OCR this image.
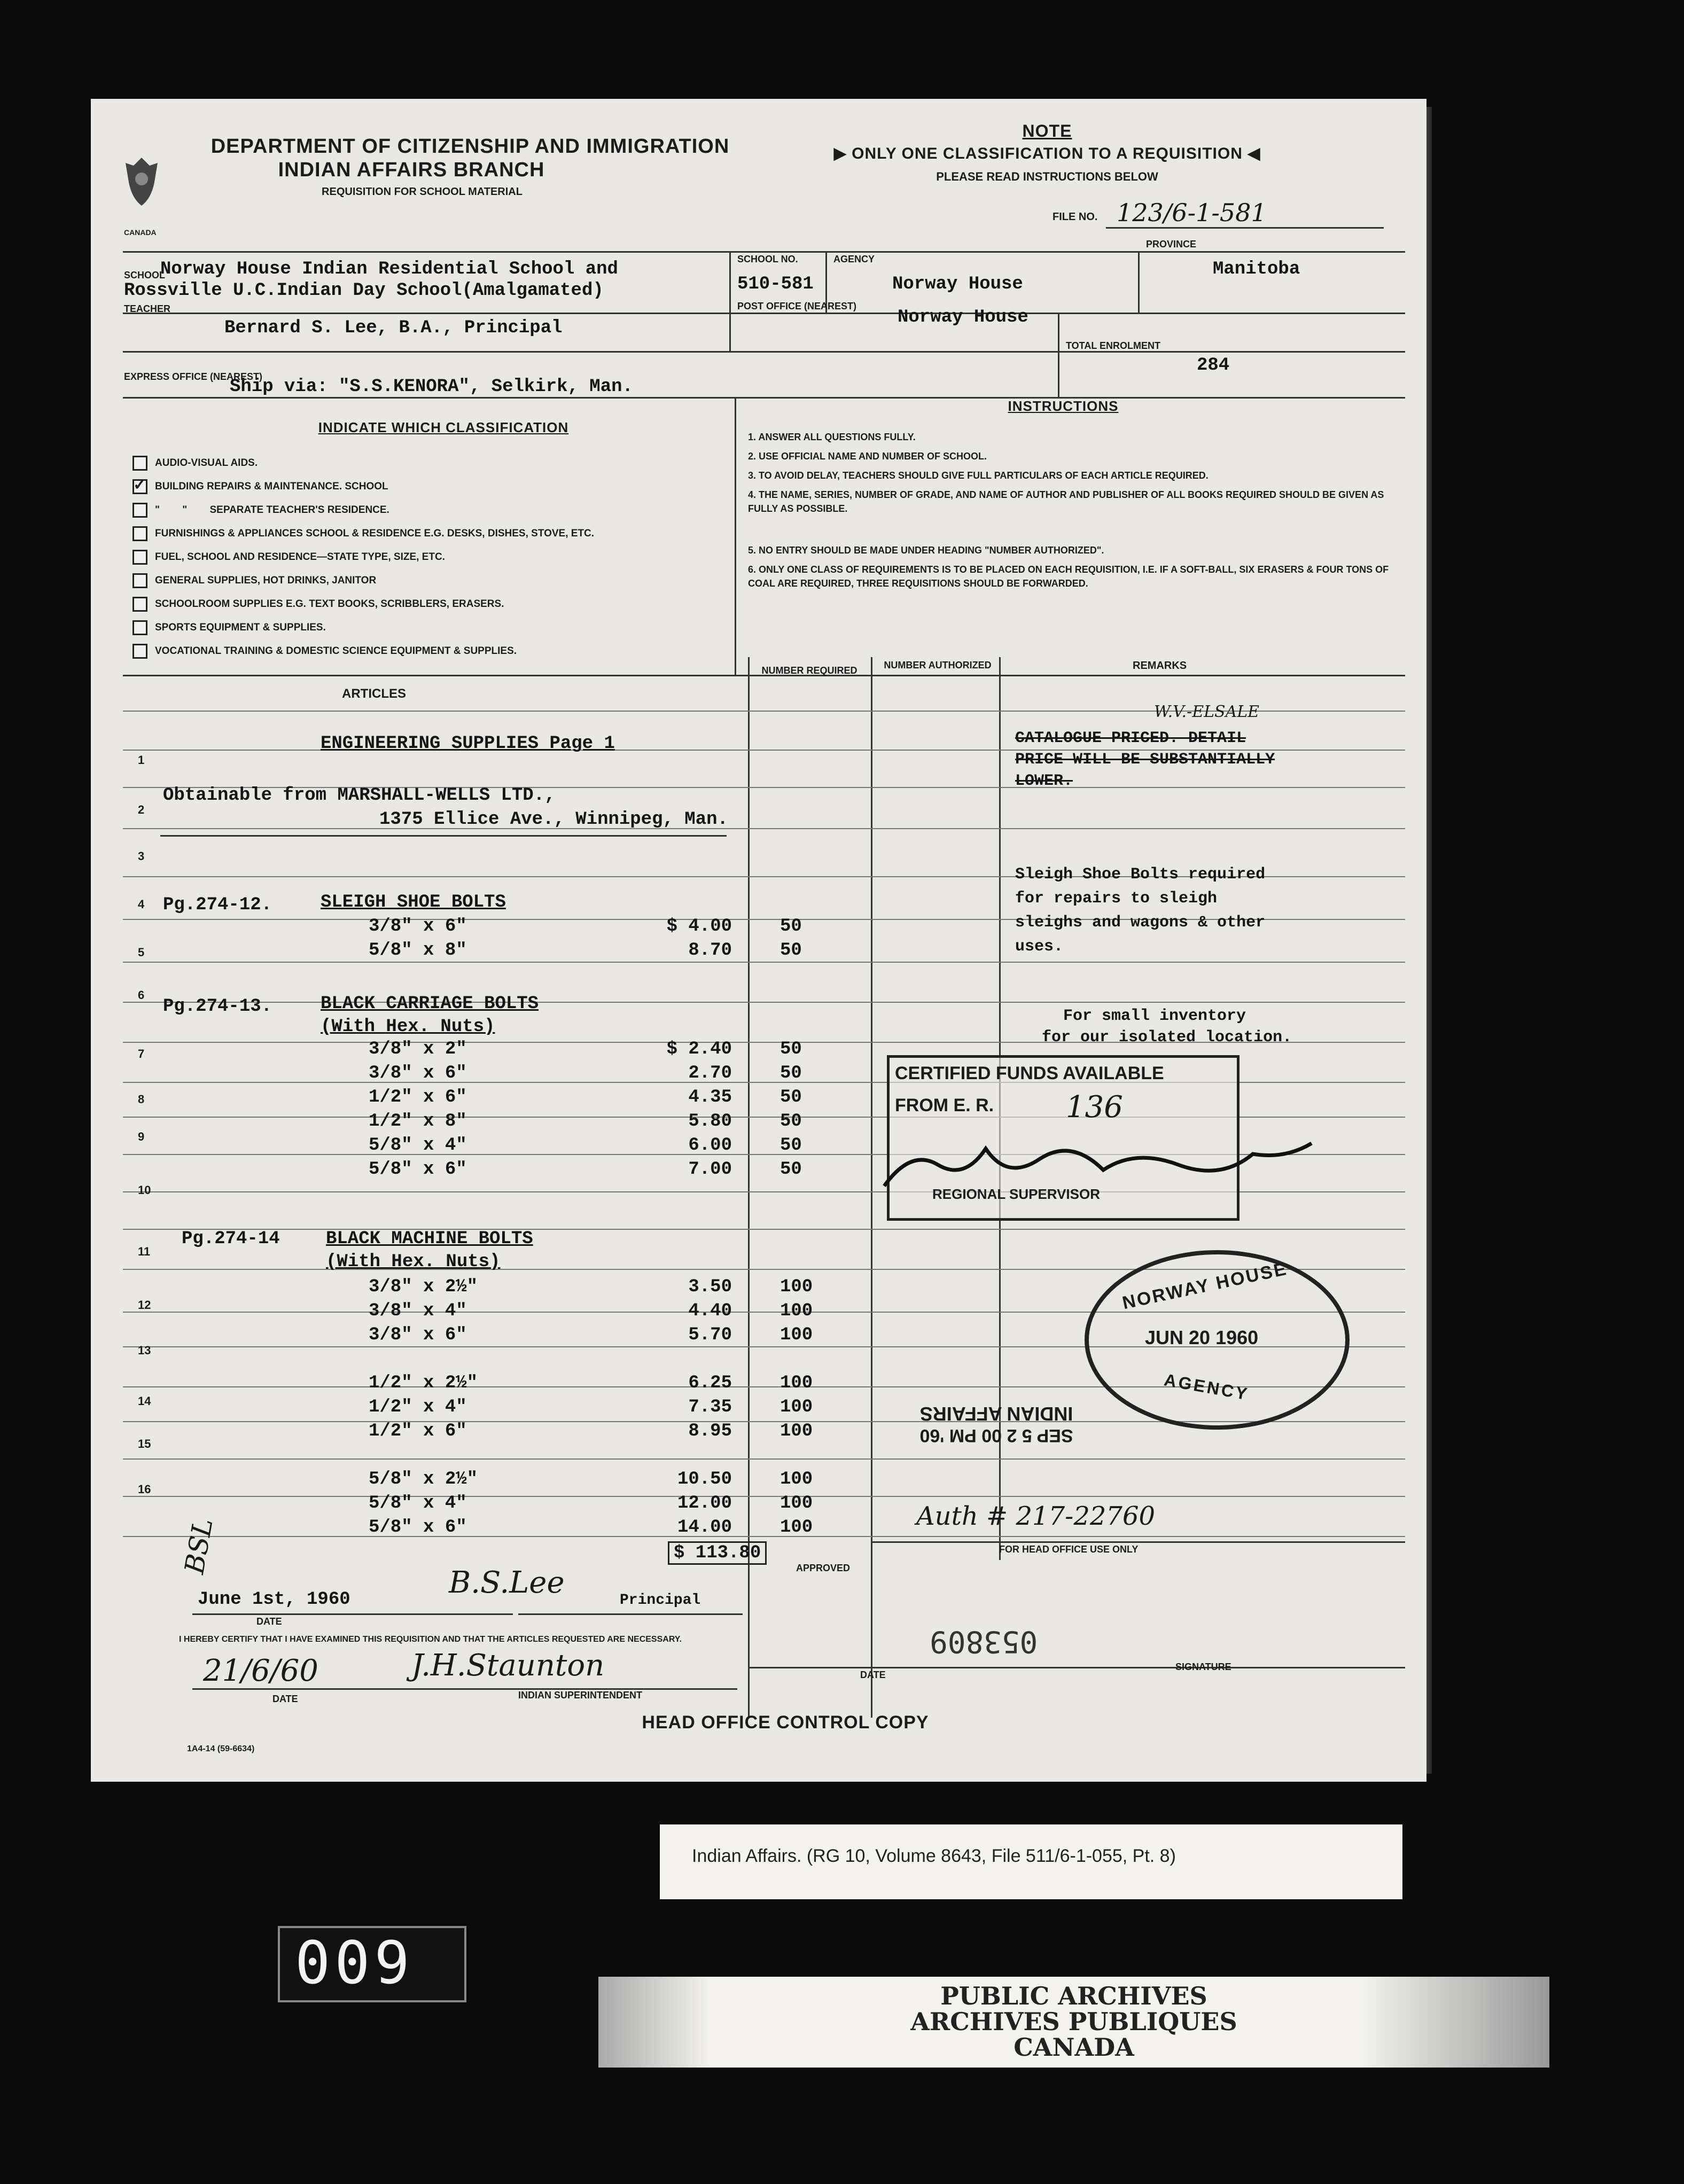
CANADA
DEPARTMENT OF CITIZENSHIP AND IMMIGRATION
INDIAN AFFAIRS BRANCH
REQUISITION FOR SCHOOL MATERIAL
NOTE
▶ ONLY ONE CLASSIFICATION TO A REQUISITION ◀
PLEASE READ INSTRUCTIONS BELOW
FILE NO. 123/6-1-581
SCHOOL
Norway House Indian Residential School and
Rossville U.C.Indian Day School(Amalgamated)
TEACHER
Bernard S. Lee, B.A., Principal
SCHOOL NO.
510-581
AGENCY
Norway House
PROVINCE
Manitoba
POST OFFICE (NEAREST)
Norway House
TOTAL ENROLMENT
284
EXPRESS OFFICE (NEAREST)
Ship via: "S.S.KENORA", Selkirk, Man.
INDICATE WHICH CLASSIFICATION
AUDIO-VISUAL AIDS.
✓ BUILDING REPAIRS & MAINTENANCE. SCHOOL
"        "        SEPARATE TEACHER'S RESIDENCE.
FURNISHINGS & APPLIANCES SCHOOL & RESIDENCE E.G. DESKS, DISHES, STOVE, ETC.
FUEL, SCHOOL AND RESIDENCE—STATE TYPE, SIZE, ETC.
GENERAL SUPPLIES, HOT DRINKS, JANITOR
SCHOOLROOM SUPPLIES E.G. TEXT BOOKS, SCRIBBLERS, ERASERS.
SPORTS EQUIPMENT & SUPPLIES.
VOCATIONAL TRAINING & DOMESTIC SCIENCE EQUIPMENT & SUPPLIES.
INSTRUCTIONS
1. ANSWER ALL QUESTIONS FULLY.
2. USE OFFICIAL NAME AND NUMBER OF SCHOOL.
3. TO AVOID DELAY, TEACHERS SHOULD GIVE FULL PARTICULARS OF EACH ARTICLE REQUIRED.
4. THE NAME, SERIES, NUMBER OF GRADE, AND NAME OF AUTHOR AND PUBLISHER OF ALL BOOKS REQUIRED SHOULD BE GIVEN AS FULLY AS POSSIBLE.
5. NO ENTRY SHOULD BE MADE UNDER HEADING "NUMBER AUTHORIZED".
6. ONLY ONE CLASS OF REQUIREMENTS IS TO BE PLACED ON EACH REQUISITION, I.E. IF A SOFT-BALL, SIX ERASERS & FOUR TONS OF COAL ARE REQUIRED, THREE REQUISITIONS SHOULD BE FORWARDED.
ARTICLES
NUMBER REQUIRED	NUMBER AUTHORIZED	REMARKS
1
2
3
4
5
6
7
8
9
10
11
12
13
14
15
16
ENGINEERING SUPPLIES Page 1
Obtainable from MARSHALL-WELLS LTD.,
1375 Ellice Ave., Winnipeg, Man.
Pg.274-12.	SLEIGH SHOE BOLTS
Pg.274-13.	BLACK CARRIAGE BOLTS
(With Hex. Nuts)
Pg.274-14	BLACK MACHINE BOLTS
(With Hex. Nuts)
3/8" x 6"	$ 4.00	50
5/8" x 8"	8.70	50
3/8" x 2"	$ 2.40	50
3/8" x 6"	2.70	50
1/2" x 6"	4.35	50
1/2" x 8"	5.80	50
5/8" x 4"	6.00	50
5/8" x 6"	7.00	50
3/8" x 2½"	3.50	100
3/8" x 4"	4.40	100
3/8" x 6"	5.70	100
1/2" x 2½"	6.25	100
1/2" x 4"	7.35	100
1/2" x 6"	8.95	100
5/8" x 2½"	10.50	100
5/8" x 4"	12.00	100
5/8" x 6"	14.00	100
$ 113.80
W.V.-ELSALE
CATALOGUE PRICED. DETAIL
PRICE WILL BE SUBSTANTIALLY
LOWER.
Sleigh Shoe Bolts required
for repairs to sleigh
sleighs and wagons & other
uses.
For small inventory
for our isolated location.
CERTIFIED FUNDS AVAILABLE
FROM E. R. 136
REGIONAL SUPERVISOR
NORWAY HOUSE
JUN 20 1960
AGENCY
SEP 5 2 00 PM '60
INDIAN AFFAIRS
Auth # 217-22760
FOR HEAD OFFICE USE ONLY
BSL
June 1st, 1960
DATE
B.S.Lee
Principal
I HEREBY CERTIFY THAT I HAVE EXAMINED THIS REQUISITION AND THAT THE ARTICLES REQUESTED ARE NECESSARY.
21/6/60
DATE
J.H.Staunton
INDIAN SUPERINTENDENT
APPROVED
DATE
053809
SIGNATURE
1A4-14 (59-6634)
HEAD OFFICE CONTROL COPY
Indian Affairs. (RG 10, Volume 8643, File 511/6-1-055, Pt. 8)
009	PUBLIC ARCHIVES
ARCHIVES PUBLIQUES
CANADA
